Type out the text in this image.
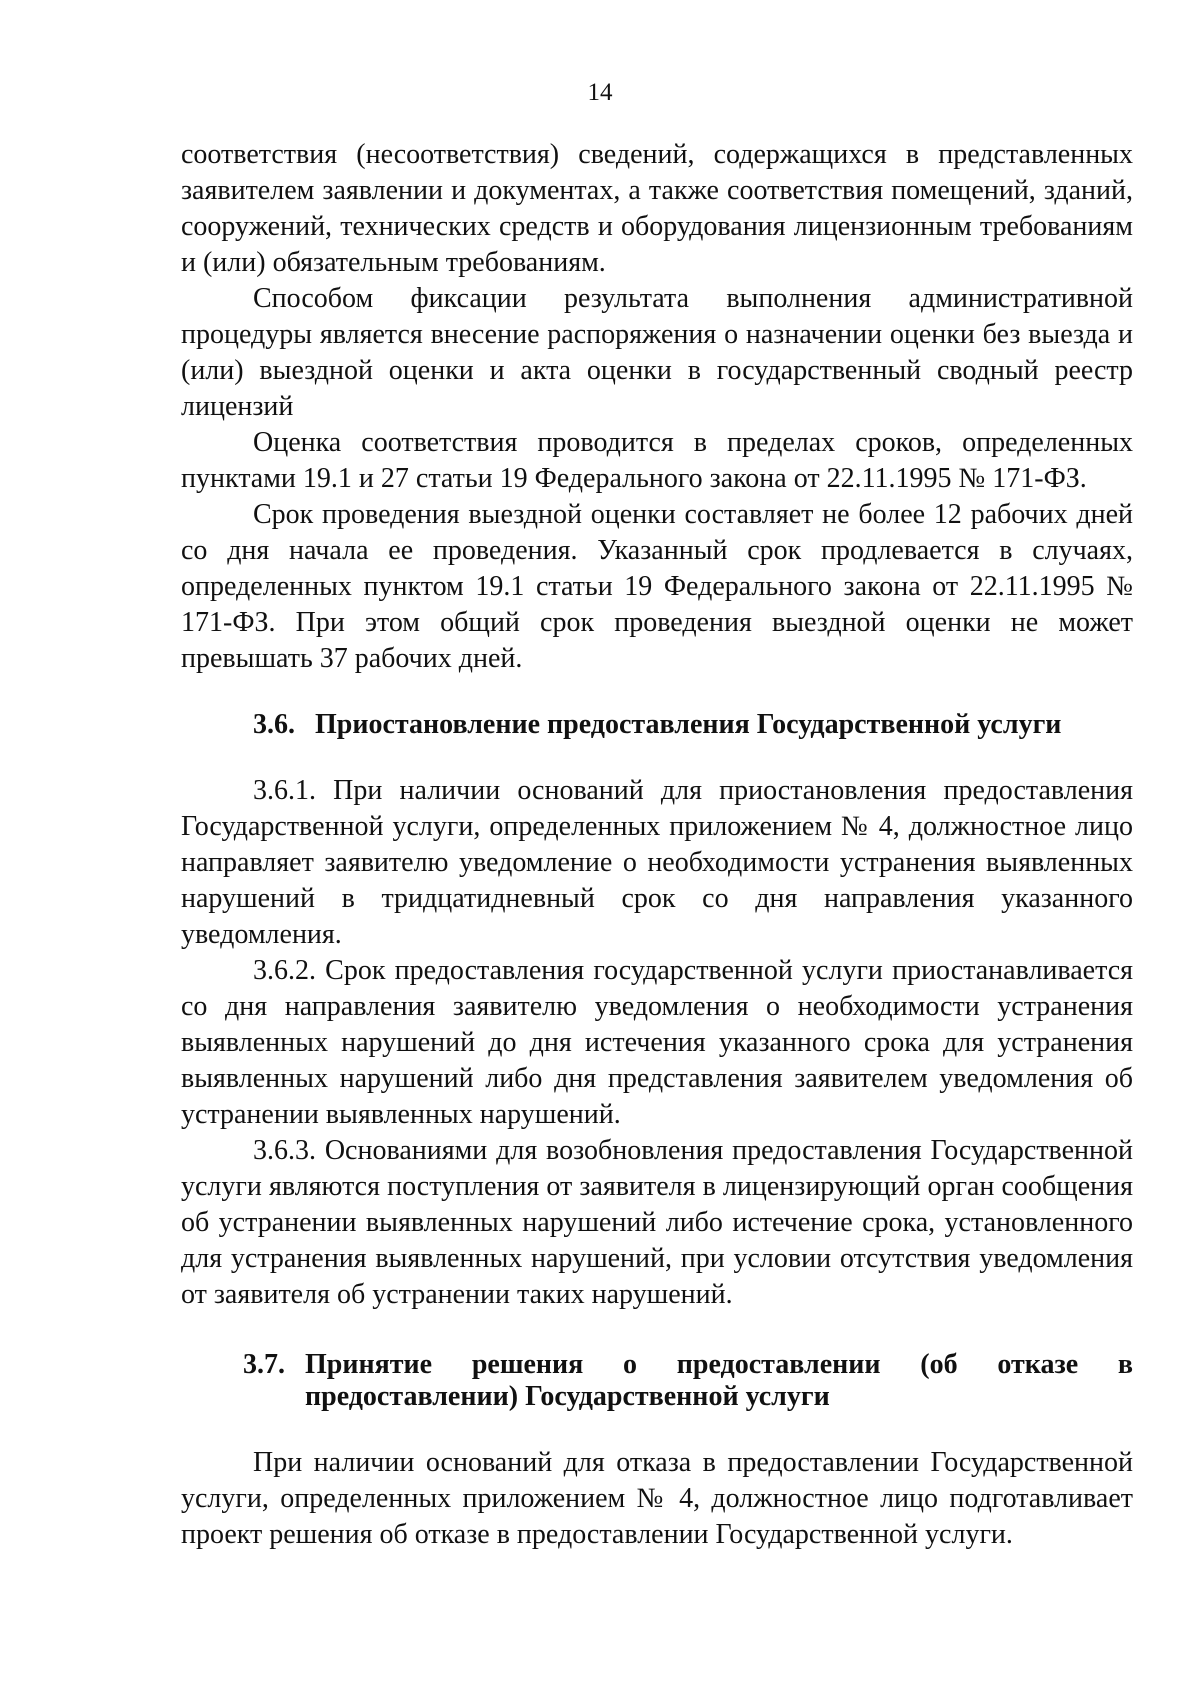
14

соответствия (несоответствия) сведений, содержащихся в представленных заявителем заявлении и документах, а также соответствия помещений, зданий, сооружений, технических средств и оборудования лицензионным требованиям и (или) обязательным требованиям.

Способом фиксации результата выполнения административной процедуры является внесение распоряжения о назначении оценки без выезда и (или) выездной оценки и акта оценки в государственный сводный реестр лицензий

Оценка соответствия проводится в пределах сроков, определенных пунктами 19.1 и 27 статьи 19 Федерального закона от 22.11.1995 № 171-ФЗ.

Срок проведения выездной оценки составляет не более 12 рабочих дней со дня начала ее проведения. Указанный срок продлевается в случаях, определенных пунктом 19.1 статьи 19 Федерального закона от 22.11.1995 № 171-ФЗ. При этом общий срок проведения выездной оценки не может превышать 37 рабочих дней.

3.6. Приостановление предоставления Государственной услуги

3.6.1. При наличии оснований для приостановления предоставления Государственной услуги, определенных приложением № 4, должностное лицо направляет заявителю уведомление о необходимости устранения выявленных нарушений в тридцатидневный срок со дня направления указанного уведомления.

3.6.2. Срок предоставления государственной услуги приостанавливается со дня направления заявителю уведомления о необходимости устранения выявленных нарушений до дня истечения указанного срока для устранения выявленных нарушений либо дня представления заявителем уведомления об устранении выявленных нарушений.

3.6.3. Основаниями для возобновления предоставления Государственной услуги являются поступления от заявителя в лицензирующий орган сообщения об устранении выявленных нарушений либо истечение срока, установленного для устранения выявленных нарушений, при условии отсутствия уведомления от заявителя об устранении таких нарушений.

3.7. Принятие решения о предоставлении (об отказе в предоставлении) Государственной услуги

При наличии оснований для отказа в предоставлении Государственной услуги, определенных приложением № 4, должностное лицо подготавливает проект решения об отказе в предоставлении Государственной услуги.
